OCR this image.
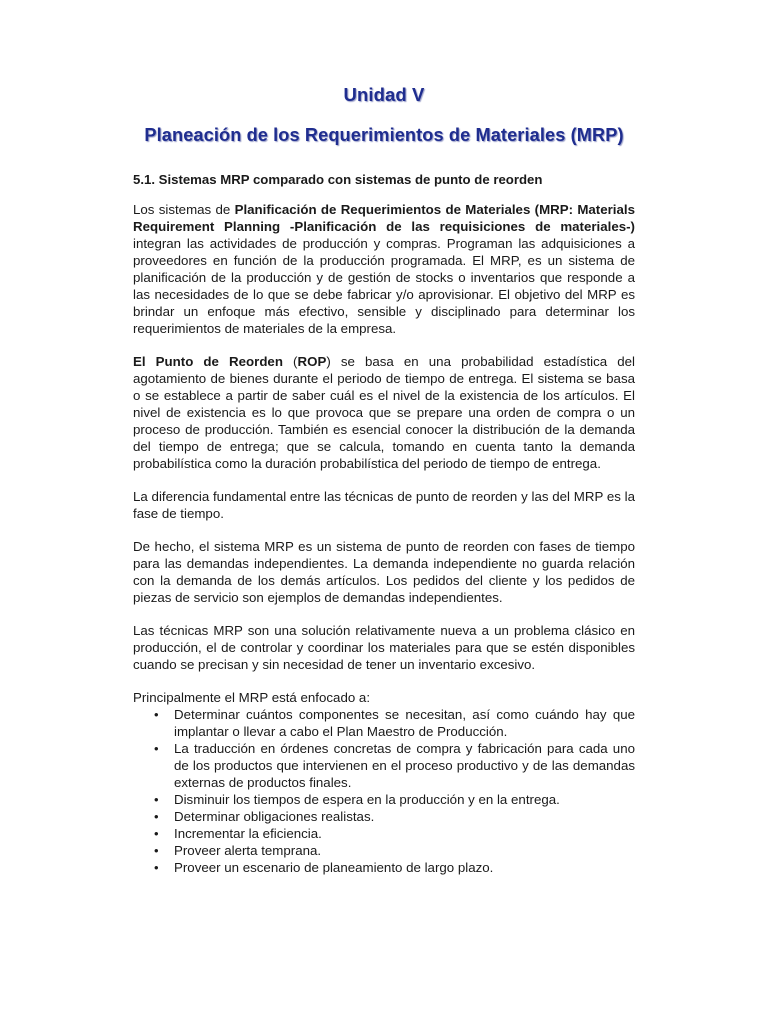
Unidad V
Planeación de los Requerimientos de Materiales (MRP)
5.1. Sistemas MRP comparado con sistemas de punto de reorden

Los sistemas de Planificación de Requerimientos de Materiales (MRP: Materials Requirement Planning -Planificación de las requisiciones de materiales-) integran las actividades de producción y compras. Programan las adquisiciones a proveedores en función de la producción programada. El MRP, es un sistema de planificación de la producción y de gestión de stocks o inventarios que responde a las necesidades de lo que se debe fabricar y/o aprovisionar. El objetivo del MRP es brindar un enfoque más efectivo, sensible y disciplinado para determinar los requerimientos de materiales de la empresa.

El Punto de Reorden (ROP) se basa en una probabilidad estadística del agotamiento de bienes durante el periodo de tiempo de entrega. El sistema se basa o se establece a partir de saber cuál es el nivel de la existencia de los artículos. El nivel de existencia es lo que provoca que se prepare una orden de compra o un proceso de producción. También es esencial conocer la distribución de la demanda del tiempo de entrega; que se calcula, tomando en cuenta tanto la demanda probabilística como la duración probabilística del periodo de tiempo de entrega.

La diferencia fundamental entre las técnicas de punto de reorden y las del MRP es la fase de tiempo.

De hecho, el sistema MRP es un sistema de punto de reorden con fases de tiempo para las demandas independientes. La demanda independiente no guarda relación con la demanda de los demás artículos. Los pedidos del cliente y los pedidos de piezas de servicio son ejemplos de demandas independientes.

Las técnicas MRP son una solución relativamente nueva a un problema clásico en producción, el de controlar y coordinar los materiales para que se estén disponibles cuando se precisan y sin necesidad de tener un inventario excesivo.

Principalmente el MRP está enfocado a:

• Determinar cuántos componentes se necesitan, así como cuándo hay que implantar o llevar a cabo el Plan Maestro de Producción.
• La traducción en órdenes concretas de compra y fabricación para cada uno de los productos que intervienen en el proceso productivo y de las demandas externas de productos finales.
• Disminuir los tiempos de espera en la producción y en la entrega.
• Determinar obligaciones realistas.
• Incrementar la eficiencia.
• Proveer alerta temprana.
• Proveer un escenario de planeamiento de largo plazo.
